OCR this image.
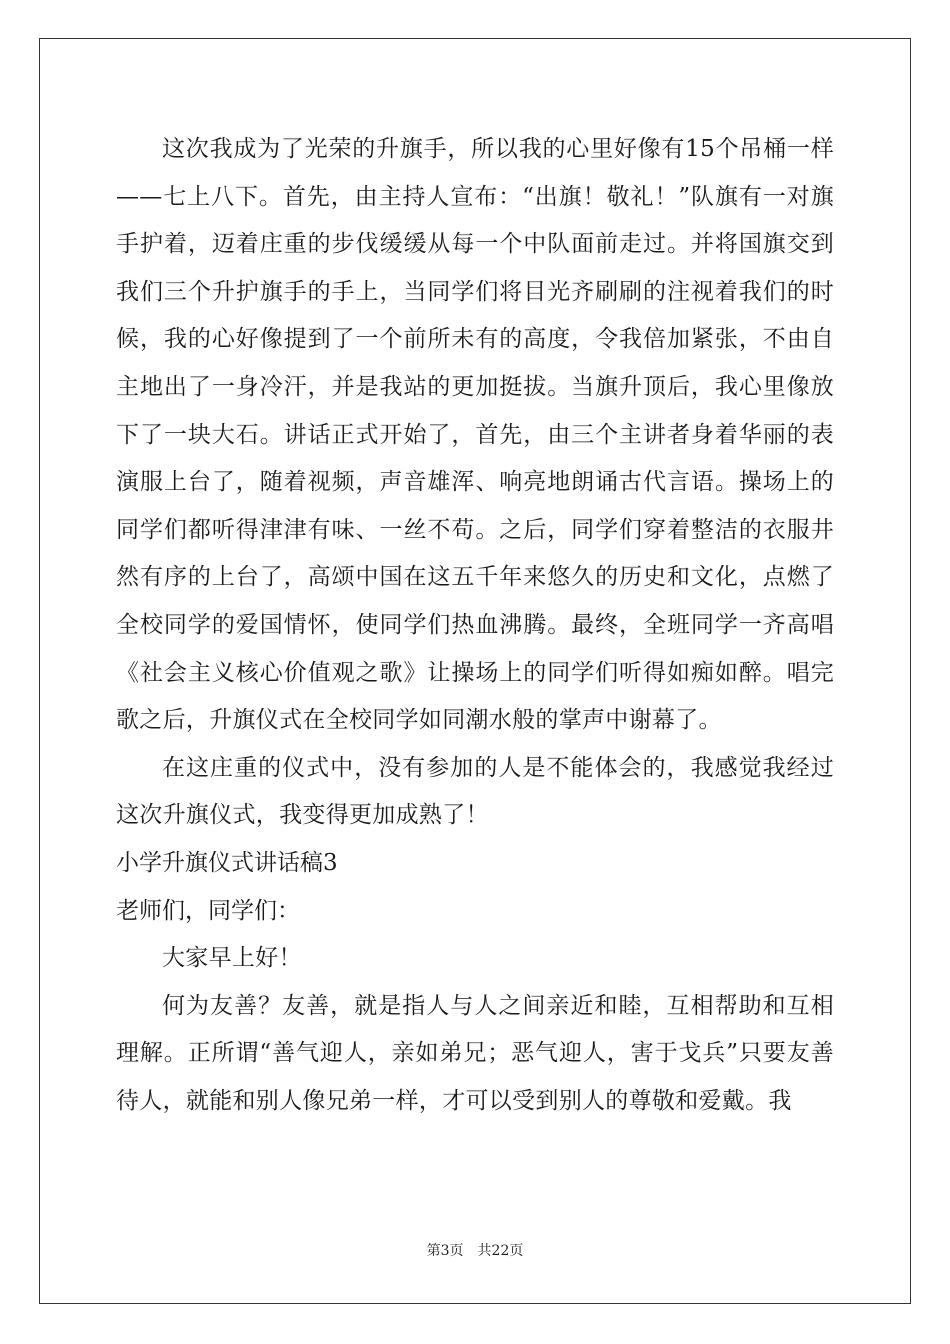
这次我成为了光荣的升旗手，所以我的心里好像有15个吊桶一样——七上八下。首先，由主持人宣布：“出旗！敬礼！”队旗有一对旗手护着，迈着庄重的步伐缓缓从每一个中队面前走过。并将国旗交到我们三个升护旗手的手上，当同学们将目光齐刷刷的注视着我们的时候，我的心好像提到了一个前所未有的高度，令我倍加紧张，不由自主地出了一身冷汗，并是我站的更加挺拔。当旗升顶后，我心里像放下了一块大石。讲话正式开始了，首先，由三个主讲者身着华丽的表演服上台了，随着视频，声音雄浑、响亮地朗诵古代言语。操场上的同学们都听得津津有味、一丝不苟。之后，同学们穿着整洁的衣服井然有序的上台了，高颂中国在这五千年来悠久的历史和文化，点燃了全校同学的爱国情怀，使同学们热血沸腾。最终，全班同学一齐高唱《社会主义核心价值观之歌》让操场上的同学们听得如痴如醉。唱完歌之后，升旗仪式在全校同学如同潮水般的掌声中谢幕了。

在这庄重的仪式中，没有参加的人是不能体会的，我感觉我经过这次升旗仪式，我变得更加成熟了！

小学升旗仪式讲话稿3

老师们，同学们：

大家早上好！

何为友善？友善，就是指人与人之间亲近和睦，互相帮助和互相理解。正所谓“善气迎人，亲如弟兄；恶气迎人，害于戈兵”只要友善待人，就能和别人像兄弟一样，才可以受到别人的尊敬和爱戴。我

第3页 共22页
